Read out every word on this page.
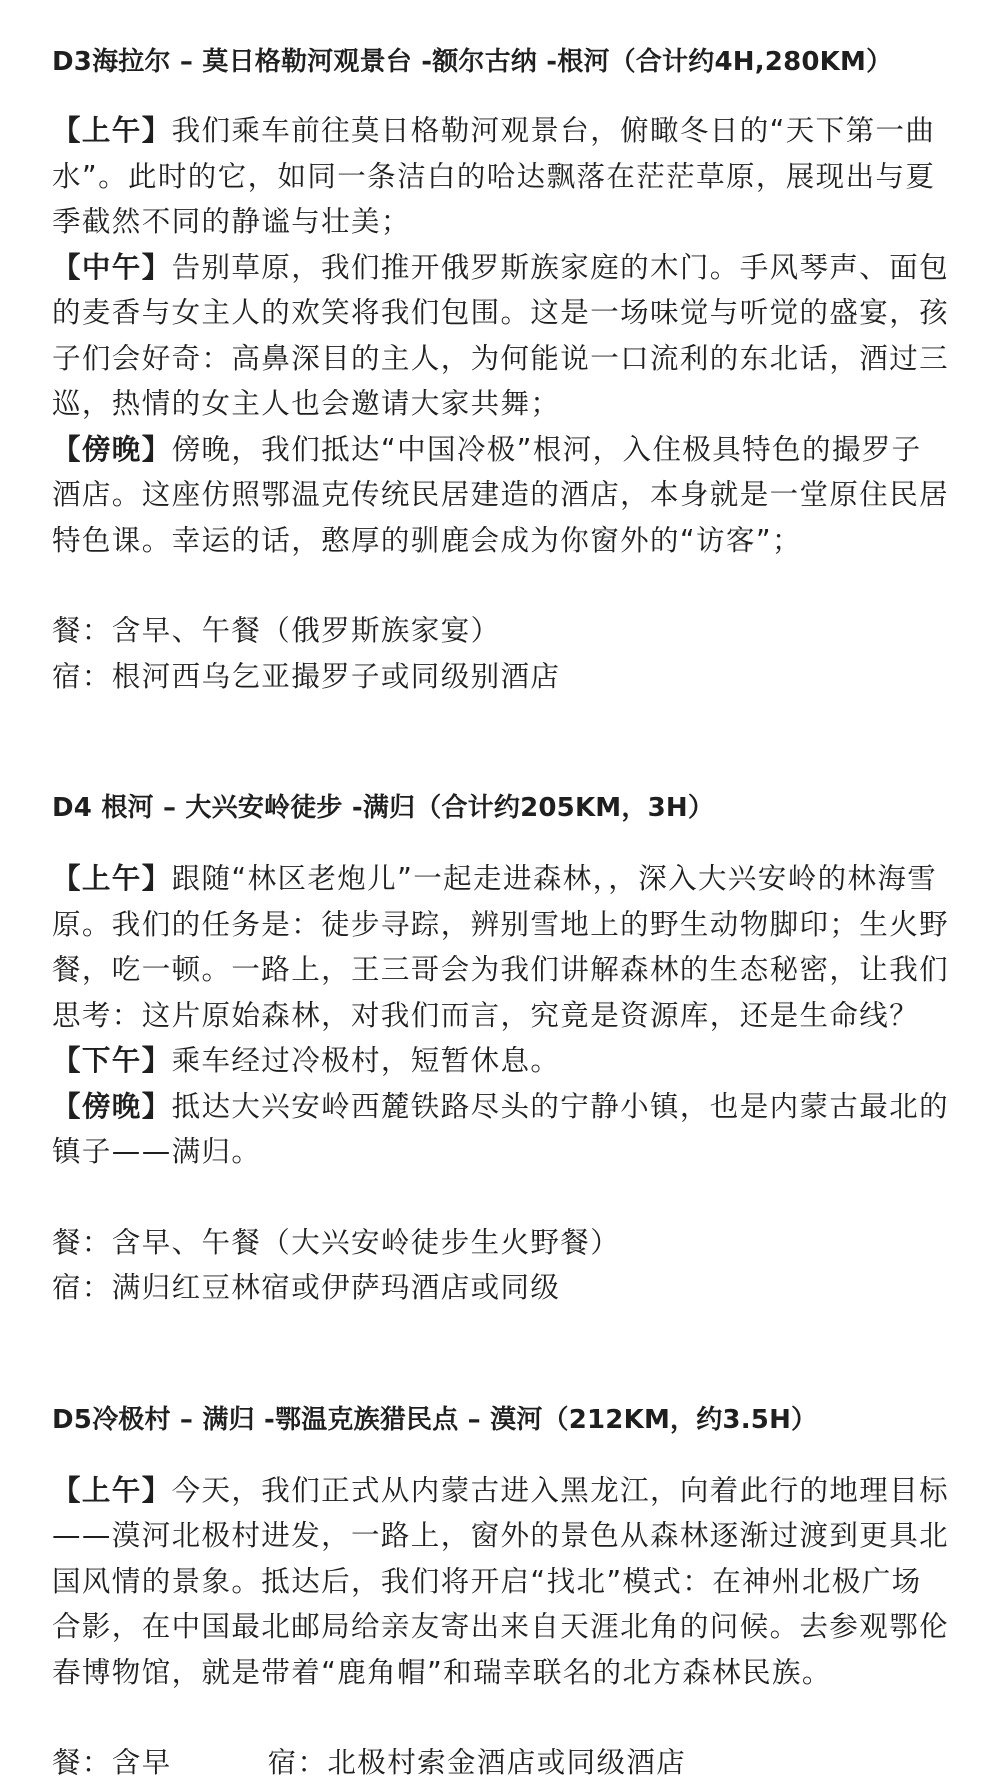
D3海拉尔 – 莫日格勒河观景台 -额尔古纳 -根河（合计约4H,280KM）

【上午】我们乘车前往莫日格勒河观景台，俯瞰冬日的“天下第一曲水”。此时的它，如同一条洁白的哈达飘落在茫茫草原，展现出与夏季截然不同的静谧与壮美；

【中午】告别草原，我们推开俄罗斯族家庭的木门。手风琴声、面包的麦香与女主人的欢笑将我们包围。这是一场味觉与听觉的盛宴，孩子们会好奇：高鼻深目的主人，为何能说一口流利的东北话，酒过三巡，热情的女主人也会邀请大家共舞；

【傍晚】傍晚，我们抵达“中国冷极”根河，入住极具特色的撮罗子酒店。这座仿照鄂温克传统民居建造的酒店，本身就是一堂原住民居特色课。幸运的话，憨厚的驯鹿会成为你窗外的“访客”；

餐：含早、午餐（俄罗斯族家宴）

宿：根河西乌乞亚撮罗子或同级别酒店

D4 根河 – 大兴安岭徒步 -满归（合计约205KM，3H）

【上午】跟随“林区老炮儿”一起走进森林，，深入大兴安岭的林海雪原。我们的任务是：徒步寻踪，辨别雪地上的野生动物脚印；生火野餐，吃一顿。一路上，王三哥会为我们讲解森林的生态秘密，让我们思考：这片原始森林，对我们而言，究竟是资源库，还是生命线？

【下午】乘车经过冷极村，短暂休息。

【傍晚】抵达大兴安岭西麓铁路尽头的宁静小镇，也是内蒙古最北的镇子——满归。

餐：含早、午餐（大兴安岭徒步生火野餐）

宿：满归红豆林宿或伊萨玛酒店或同级

D5冷极村 – 满归 -鄂温克族猎民点 – 漠河（212KM，约3.5H）

【上午】今天，我们正式从内蒙古进入黑龙江，向着此行的地理目标——漠河北极村进发，一路上，窗外的景色从森林逐渐过渡到更具北国风情的景象。抵达后，我们将开启“找北”模式：在神州北极广场合影，在中国最北邮局给亲友寄出来自天涯北角的问候。去参观鄂伦春博物馆，就是带着“鹿角帽”和瑞幸联名的北方森林民族。

餐：含早	宿：北极村索金酒店或同级酒店
